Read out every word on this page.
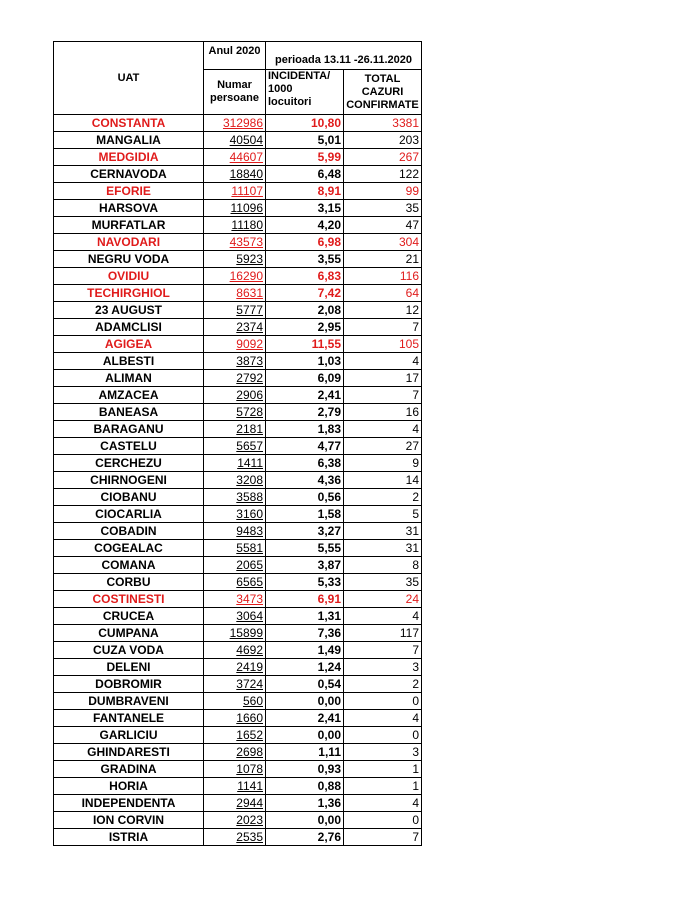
UAT	Anul 2020	perioada 13.11 -26.11.2020	
	Numar
persoane	INCIDENTA/
1000
locuitori	TOTAL CAZURI
CONFIRMATE
CONSTANTA	312986	10,80	3381
MANGALIA	40504	5,01	203
MEDGIDIA	44607	5,99	267
CERNAVODA	18840	6,48	122
EFORIE	11107	8,91	99
HARSOVA	11096	3,15	35
MURFATLAR	11180	4,20	47
NAVODARI	43573	6,98	304
NEGRU VODA	5923	3,55	21
OVIDIU	16290	6,83	116
TECHIRGHIOL	8631	7,42	64
23 AUGUST	5777	2,08	12
ADAMCLISI	2374	2,95	7
AGIGEA	9092	11,55	105
ALBESTI	3873	1,03	4
ALIMAN	2792	6,09	17
AMZACEA	2906	2,41	7
BANEASA	5728	2,79	16
BARAGANU	2181	1,83	4
CASTELU	5657	4,77	27
CERCHEZU	1411	6,38	9
CHIRNOGENI	3208	4,36	14
CIOBANU	3588	0,56	2
CIOCARLIA	3160	1,58	5
COBADIN	9483	3,27	31
COGEALAC	5581	5,55	31
COMANA	2065	3,87	8
CORBU	6565	5,33	35
COSTINESTI	3473	6,91	24
CRUCEA	3064	1,31	4
CUMPANA	15899	7,36	117
CUZA VODA	4692	1,49	7
DELENI	2419	1,24	3
DOBROMIR	3724	0,54	2
DUMBRAVENI	560	0,00	0
FANTANELE	1660	2,41	4
GARLICIU	1652	0,00	0
GHINDARESTI	2698	1,11	3
GRADINA	1078	0,93	1
HORIA	1141	0,88	1
INDEPENDENTA	2944	1,36	4
ION CORVIN	2023	0,00	0
ISTRIA	2535	2,76	7
